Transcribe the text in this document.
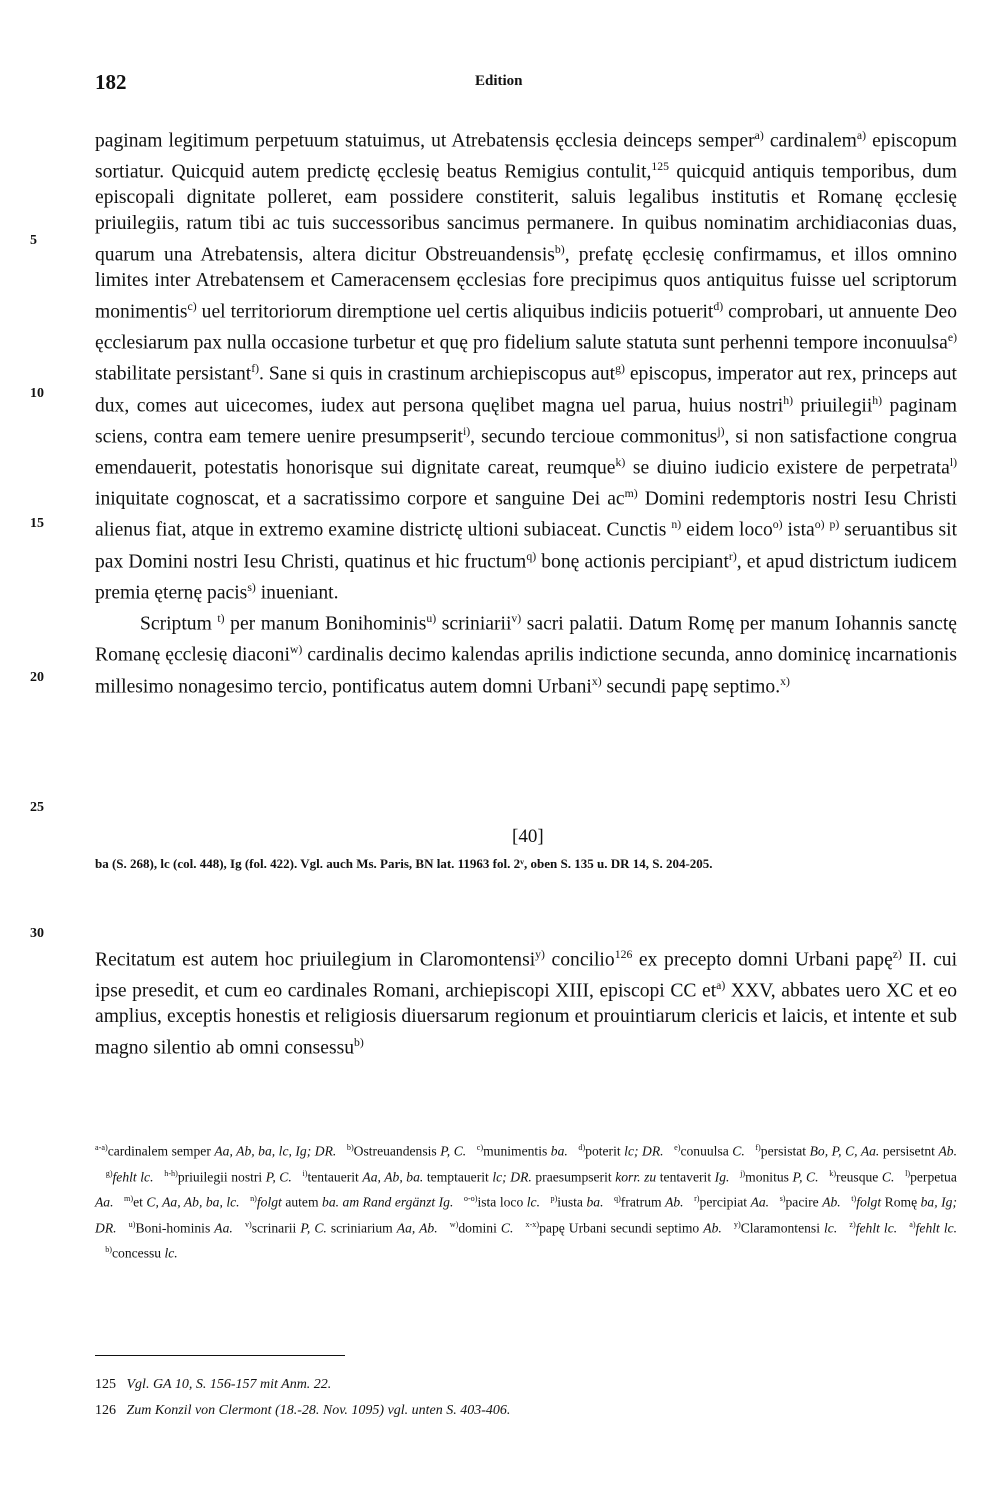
182	Edition

paginam legitimum perpetuum statuimus, ut Atrebatensis ęcclesia deinceps semper$^{a)}$ cardinalem$^{a)}$ episcopum sortiatur. Quicquid autem predictę ęcclesię beatus Remigius contulit,$^{125}$ quicquid antiquis temporibus, dum episcopali dignitate polleret, eam possidere constiterit, saluis legalibus institutis et Romanę ęcclesię priuilegiis, ratum tibi ac tuis successoribus sancimus permanere. In quibus nominatim archidiaconias duas, quarum una Atrebatensis, altera dicitur Obstreuandensis$^{b)}$, prefatę ęcclesię confirmamus, et illos omnino limites inter Atrebatensem et Cameracensem ęcclesias fore precipimus quos antiquitus fuisse uel scriptorum monimentis$^{c)}$ uel territoriorum diremptione uel certis aliquibus indiciis potuerit$^{d)}$ comprobari, ut annuente Deo ęcclesiarum pax nulla occasione turbetur et quę pro fidelium salute statuta sunt perhenni tempore inconuulsa$^{e)}$ stabilitate persistant$^{f)}$. Sane si quis in crastinum archiepiscopus aut$^{g)}$ episcopus, imperator aut rex, princeps aut dux, comes aut uicecomes, iudex aut persona quęlibet magna uel parua, huius nostri$^{h)}$ priuilegii$^{h)}$ paginam sciens, contra eam temere uenire presumpserit$^{i)}$, secundo tercioue commonitus$^{j)}$, si non satisfactione congrua emendauerit, potestatis honorisque sui dignitate careat, reumque$^{k)}$ se diuino iudicio existere de perpetrata$^{l)}$ iniquitate cognoscat, et a sacratissimo corpore et sanguine Dei $ac^{m)}$ Domini redemptoris nostri Iesu Christi alienus fiat, atque in extremo examine districtę ultioni subiaceat. Cunctis $^{n)}$ eidem loco$^{o)}$ ista$^{o)}$ $^{p)}$ seruantibus sit pax Domini nostri Iesu Christi, quatinus et hic fructum$^{q)}$ bonę actionis percipiant$^{r)}$, et apud districtum iudicem premia ęternę pacis$^{s)}$ inueniant.

Scriptum $^{t)}$ per manum Bonihominis$^{u)}$ scriniarii$^{v)}$ sacri palatii. Datum Romę per manum Iohannis sanctę Romanę ęcclesię diaconi$^{w)}$ cardinalis decimo kalendas aprilis indictione secunda, anno dominicę incarnationis millesimo nonagesimo tercio, pontificatus autem domni Urbani$^{x)}$ secundi papę septimo.$^{x)}$

5
10
15
20
25
30
[40]
ba (S. 268), lc (col. 448), Ig (fol. 422). Vgl. auch Ms. Paris, BN lat. 11963 fol. 2ᵛ, oben S. 135 u. DR 14, S. 204-205.

Recitatum est autem hoc priuilegium in Claromontensi$^{y)}$ concilio$^{126}$ ex precepto domni Urbani papę$^{z)}$ II. cui ipse presedit, et cum eo cardinales Romani, archiepiscopi XIII, episcopi CC $et^{a)}$ XXV, abbates uero XC et eo amplius, exceptis honestis et religiosis diuersarum regionum et prouintiarum clericis et laicis, et intente et sub magno silentio ab omni consessu$^{b)}$

$^{a-a)}$cardinalem semper Aa, Ab, ba, lc, Ig; DR. $^{b)}$Ostreuandensis P, C. $^{c)}$munimentis ba. $^{d)}$poterit lc; DR. $^{e)}$conuulsa C. $^{f)}$persistat Bo, P, C, Aa. persisetnt Ab.   $^{g)}$fehlt lc. $^{h-h)}$priuilegii nostri P, C. $^{i)}$tentauerit Aa, Ab, ba. temptauerit lc; DR. praesumpserit korr. zu tentaverit Ig. $^{j)}$monitus P, C. $^{k)}$reusque C. $^{l)}$perpetua Aa. $^{m)}$et C, Aa, Ab, ba, lc. $^{n)}$folgt autem ba. am Rand ergänzt Ig. $^{o-o)}$ista loco lc. $^{p)}$iusta ba. $^{q)}$fratrum Ab. $^{r)}$percipiat Aa. $^{s)}$pacire Ab. $^{t)}$folgt Romę ba, Ig; DR. $^{u)}$Boni-hominis Aa. $^{v)}$scrinarii P, C. scriniarium Aa, Ab. $^{w)}$domini C. $^{x-x)}$papę Urbani secundi septimo Ab. $^{y)}$Claramontensi lc. $^{z)}$fehlt lc. $^{a)}$fehlt lc.   $^{b)}$concessu lc.
125 Vgl. GA 10, S. 156-157 mit Anm. 22.
126 Zum Konzil von Clermont (18.-28. Nov. 1095) vgl. unten S. 403-406.
